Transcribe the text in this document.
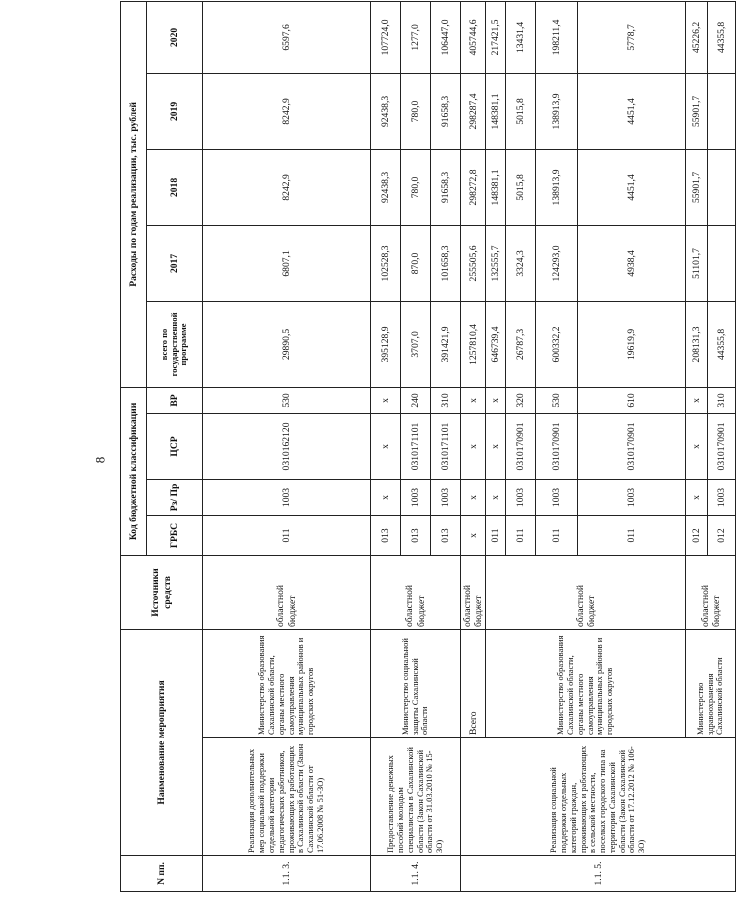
8
N пп.	Наименование мероприятия		Источники средств	Код бюджетной классификации				Расходы по годам реализации, тыс. рублей				
				ГРБС	Рз/ Пр	ЦСР	ВР	всего по государственной программе	2017	2018	2019	2020
1.1. 3.	Реализация дополнительных мер социальной поддержки отдельной категории педагогических работников, проживающих и работающих в Сахалинской области (Закон Сахалинской области от 17.06.2008 № 51-ЗО)	Министерство образования Сахалинской области, органы местного самоуправления муниципальных районов и городских округов	областной бюджет	011	1003	0310162120	530	29890,5	6807,1	8242,9	8242,9	6597,6
1.1. 4.	Предоставление денежных пособий молодым специалистам в Сахалинской области (Закон Сахалинской области от 31.03.2010 № 15-ЗО)	Министерство социальной защиты Сахалинской области	областной бюджет	013	x	x	x	395128,9	102528,3	92438,3	92438,3	107724,0
				013	1003	0310171101	240	3707,0	870,0	780,0	780,0	1277,0
				013	1003	0310171101	310	391421,9	101658,3	91658,3	91658,3	106447,0
1.1. 5.	Реализация социальной поддержки отдельных категорий граждан, проживающих и работающих в сельской местности, поселках городского типа на территории Сахалинской области (Закон Сахалинской области от 17.12.2012 № 106-ЗО)	Всего	областной бюджет	x	x	x	x	1257810,4	255505,6	298272,8	298287,4	405744,6
		Министерство образования Сахалинской области, органы местного самоуправления муниципальных районов и городских округов	областной бюджет	011	x	x	x	646739,4	132555,7	148381,1	148381,1	217421,5
				011	1003	0310170901	320	26787,3	3324,3	5015,8	5015,8	13431,4
				011	1003	0310170901	530	600332,2	124293,0	138913,9	138913,9	198211,4
				011	1003	0310170901	610	19619,9	4938,4	4451,4	4451,4	5778,7
		Министерство здравоохранения Сахалинской области	областной бюджет	012	x	x	x	208131,3	51101,7	55901,7	55901,7	45226,2
				012	1003	0310170901	310	44355,8				44355,8
